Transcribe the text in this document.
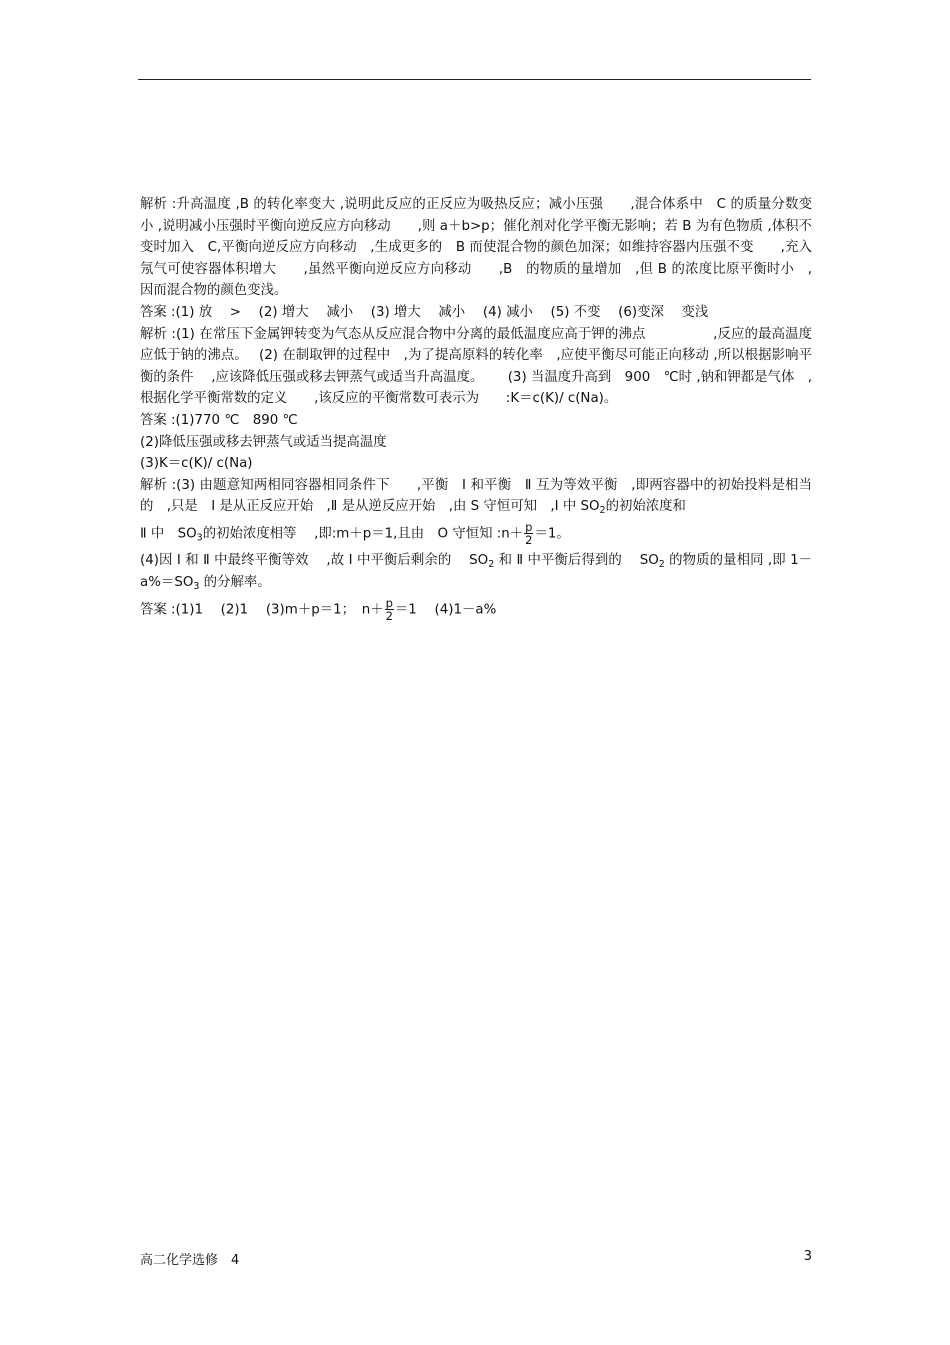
解析 :升高温度 ,B 的转化率变大 ,说明此反应的正反应为吸热反应；减小压强　　,混合体系中　C 的质量分数变小 ,说明减小压强时平衡向逆反应方向移动　　,则 a＋b>p；催化剂对化学平衡无影响；若 B 为有色物质 ,体积不变时加入　C,平衡向逆反应方向移动　,生成更多的　B 而使混合物的颜色加深；如维持容器内压强不变　　,充入氖气可使容器体积增大　　,虽然平衡向逆反应方向移动　　,B　的物质的量增加　,但 B 的浓度比原平衡时小　,因而混合物的颜色变浅。

答案 :(1) 放　 >　 (2) 增大　 减小　 (3) 增大　 减小　 (4) 减小　 (5) 不变　 (6)变深　 变浅

解析 :(1) 在常压下金属钾转变为气态从反应混合物中分离的最低温度应高于钾的沸点　　　　　,反应的最高温度应低于钠的沸点。　 (2) 在制取钾的过程中　,为了提高原料的转化率　,应使平衡尽可能正向移动 ,所以根据影响平衡的条件　 ,应该降低压强或移去钾蒸气或适当升高温度。　　 (3) 当温度升高到　900　℃时 ,钠和钾都是气体　,根据化学平衡常数的定义　　,该反应的平衡常数可表示为　　:K＝c(K)/ c(Na)。

答案 :(1)770 ℃　890 ℃

(2)降低压强或移去钾蒸气或适当提高温度

(3)K＝c(K)/ c(Na)

解析 :(3) 由题意知两相同容器相同条件下　　,平衡　Ⅰ 和平衡　Ⅱ 互为等效平衡　,即两容器中的初始投料是相当的　,只是　Ⅰ 是从正反应开始　,Ⅱ 是从逆反应开始　,由 S 守恒可知　,Ⅰ 中 $SO_2$的初始浓度和

Ⅱ 中　$SO_3$的初始浓度相等　 ,即:m＋p＝1,且由　O 守恒知 :n＋ $\frac{p}{2} =1$。

(4)因 Ⅰ 和 Ⅱ 中最终平衡等效　 ,故 Ⅰ 中平衡后剩余的　 $SO_2$ 和 Ⅱ 中平衡后得到的　 $SO_2$ 的物质的量相同 ,即 $1-a\%=SO_3$ 的分解率。

答案 :(1)1　 (2)1　 (3)m＋p＝1；　$n+ \frac{p}{2} =1$　 (4)1－a%

高二化学选修　4	3
